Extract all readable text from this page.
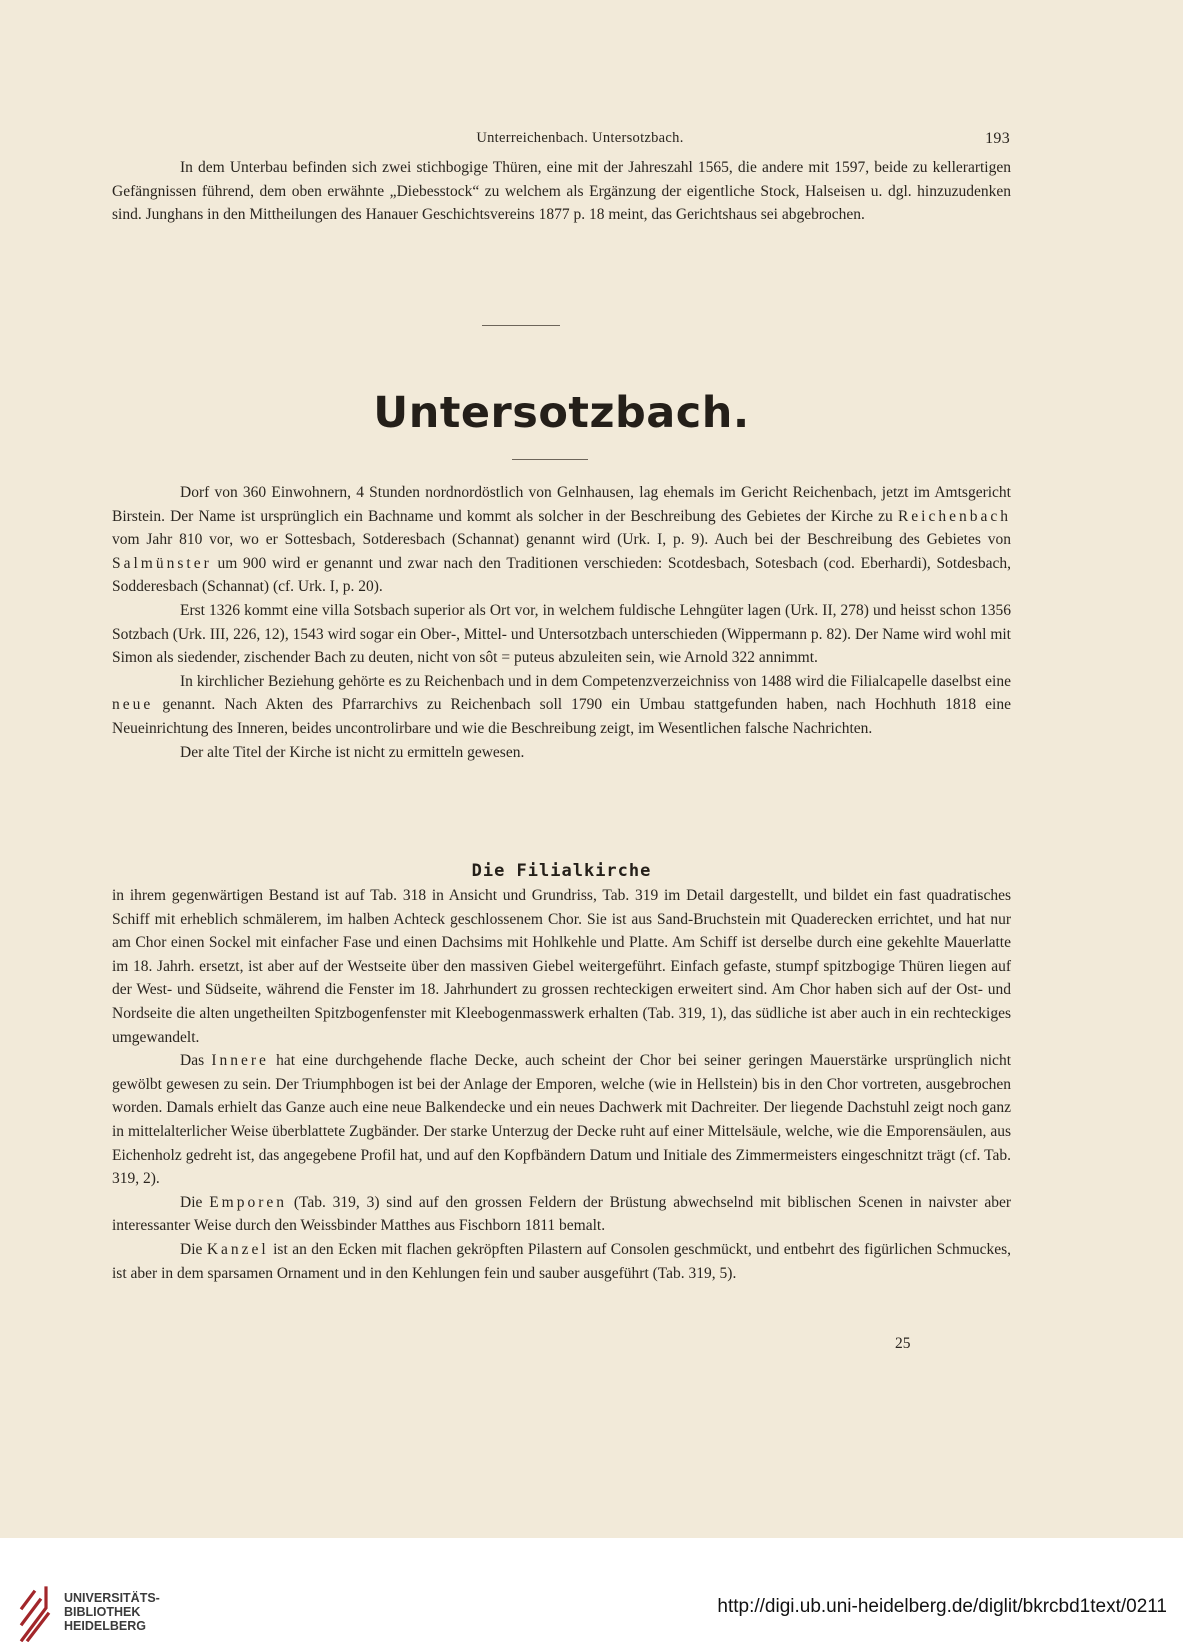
Unterreichenbach. Untersotzbach.	193

In dem Unterbau befinden sich zwei stichbogige Thüren, eine mit der Jahreszahl 1565, die andere mit 1597, beide zu kellerartigen Gefängnissen führend, dem oben erwähnte „Diebesstock“ zu welchem als Ergänzung der eigentliche Stock, Halseisen u. dgl. hinzuzudenken sind. Junghans in den Mittheilungen des Hanauer Geschichtsvereins 1877 p. 18 meint, das Gerichtshaus sei abgebrochen.

Untersotzbach.

Dorf von 360 Einwohnern, 4 Stunden nordnordöstlich von Gelnhausen, lag ehemals im Gericht Reichenbach, jetzt im Amtsgericht Birstein. Der Name ist ursprünglich ein Bachname und kommt als solcher in der Beschreibung des Gebietes der Kirche zu Reichenbach vom Jahr 810 vor, wo er Sottesbach, Sotderesbach (Schannat) genannt wird (Urk. I, p. 9). Auch bei der Beschreibung des Gebietes von Salmünster um 900 wird er genannt und zwar nach den Traditionen verschieden: Scotdesbach, Sotesbach (cod. Eberhardi), Sotdesbach, Sodderesbach (Schannat) (cf. Urk. I, p. 20).

Erst 1326 kommt eine villa Sotsbach superior als Ort vor, in welchem fuldische Lehngüter lagen (Urk. II, 278) und heisst schon 1356 Sotzbach (Urk. III, 226, 12), 1543 wird sogar ein Ober-, Mittel- und Untersotzbach unterschieden (Wippermann p. 82). Der Name wird wohl mit Simon als siedender, zischender Bach zu deuten, nicht von sôt = puteus abzuleiten sein, wie Arnold 322 annimmt.

In kirchlicher Beziehung gehörte es zu Reichenbach und in dem Competenzverzeichniss von 1488 wird die Filialcapelle daselbst eine neue genannt. Nach Akten des Pfarrarchivs zu Reichenbach soll 1790 ein Umbau stattgefunden haben, nach Hochhuth 1818 eine Neueinrichtung des Inneren, beides uncontrolirbare und wie die Beschreibung zeigt, im Wesentlichen falsche Nachrichten.

Der alte Titel der Kirche ist nicht zu ermitteln gewesen.

Die Filialkirche

in ihrem gegenwärtigen Bestand ist auf Tab. 318 in Ansicht und Grundriss, Tab. 319 im Detail dargestellt, und bildet ein fast quadratisches Schiff mit erheblich schmälerem, im halben Achteck geschlossenem Chor. Sie ist aus Sand-Bruchstein mit Quaderecken errichtet, und hat nur am Chor einen Sockel mit einfacher Fase und einen Dachsims mit Hohlkehle und Platte. Am Schiff ist derselbe durch eine gekehlte Mauerlatte im 18. Jahrh. ersetzt, ist aber auf der Westseite über den massiven Giebel weitergeführt. Einfach gefaste, stumpf spitzbogige Thüren liegen auf der West- und Südseite, während die Fenster im 18. Jahrhundert zu grossen rechteckigen erweitert sind. Am Chor haben sich auf der Ost- und Nordseite die alten ungetheilten Spitzbogenfenster mit Kleebogenmasswerk erhalten (Tab. 319, 1), das südliche ist aber auch in ein rechteckiges umgewandelt.

Das Innere hat eine durchgehende flache Decke, auch scheint der Chor bei seiner geringen Mauerstärke ursprünglich nicht gewölbt gewesen zu sein. Der Triumphbogen ist bei der Anlage der Emporen, welche (wie in Hellstein) bis in den Chor vortreten, ausgebrochen worden. Damals erhielt das Ganze auch eine neue Balkendecke und ein neues Dachwerk mit Dachreiter. Der liegende Dachstuhl zeigt noch ganz in mittelalterlicher Weise überblattete Zugbänder. Der starke Unterzug der Decke ruht auf einer Mittelsäule, welche, wie die Emporensäulen, aus Eichenholz gedreht ist, das angegebene Profil hat, und auf den Kopfbändern Datum und Initiale des Zimmermeisters eingeschnitzt trägt (cf. Tab. 319, 2).

Die Emporen (Tab. 319, 3) sind auf den grossen Feldern der Brüstung abwechselnd mit biblischen Scenen in naivster aber interessanter Weise durch den Weissbinder Matthes aus Fischborn 1811 bemalt.

Die Kanzel ist an den Ecken mit flachen gekröpften Pilastern auf Consolen geschmückt, und entbehrt des figürlichen Schmuckes, ist aber in dem sparsamen Ornament und in den Kehlungen fein und sauber ausgeführt (Tab. 319, 5).

25
UNIVERSITÄTS-
BIBLIOTHEK
HEIDELBERG
http://digi.ub.uni-heidelberg.de/diglit/bkrcbd1text/0211
